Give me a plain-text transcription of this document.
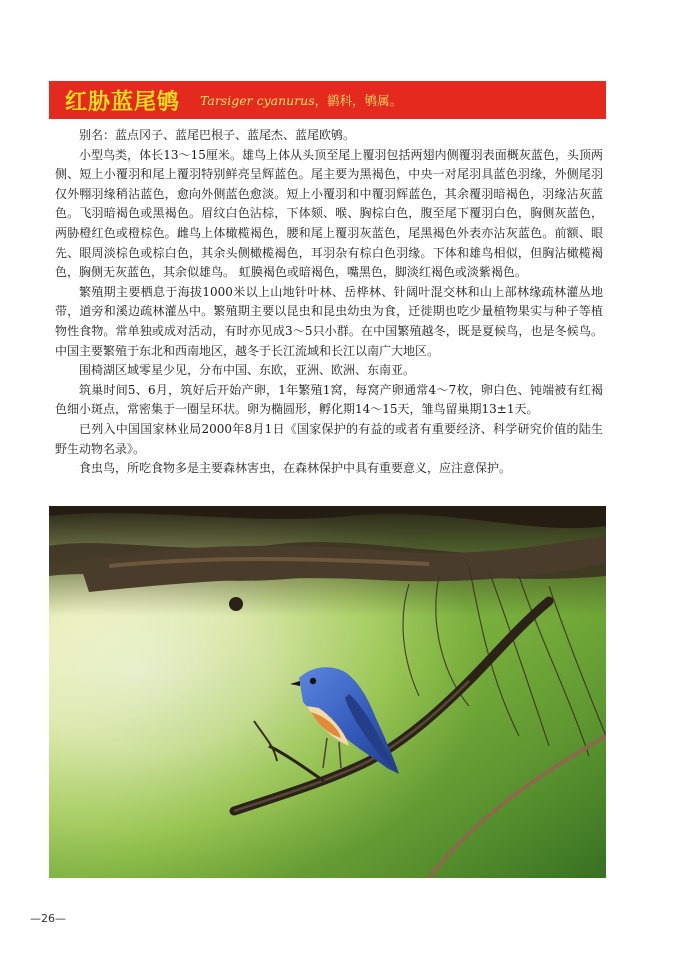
红胁蓝尾鸲 Tarsiger cyanurus，鹟科，鸲属。

别名：蓝点冈子、蓝尾巴根子、蓝尾杰、蓝尾欧鸲。

小型鸟类，体长13～15厘米。雄鸟上体从头顶至尾上覆羽包括两翅内侧覆羽表面概灰蓝色，头顶两侧、短上小覆羽和尾上覆羽特别鲜亮呈辉蓝色。尾主要为黑褐色，中央一对尾羽具蓝色羽缘，外侧尾羽仅外翈羽缘稍沾蓝色，愈向外侧蓝色愈淡。短上小覆羽和中覆羽辉蓝色，其余覆羽暗褐色，羽缘沾灰蓝色。飞羽暗褐色或黑褐色。眉纹白色沾棕，下体颏、喉、胸棕白色，腹至尾下覆羽白色，胸侧灰蓝色，两胁橙红色或橙棕色。雌鸟上体橄榄褐色，腰和尾上覆羽灰蓝色，尾黑褐色外表亦沾灰蓝色。前额、眼先、眼周淡棕色或棕白色，其余头侧橄榄褐色，耳羽杂有棕白色羽缘。下体和雄鸟相似，但胸沾橄榄褐色，胸侧无灰蓝色，其余似雄鸟。 虹膜褐色或暗褐色，嘴黑色，脚淡红褐色或淡紫褐色。

繁殖期主要栖息于海拔1000米以上山地针叶林、岳桦林、针阔叶混交林和山上部林缘疏林灌丛地带，道旁和溪边疏林灌丛中。繁殖期主要以昆虫和昆虫幼虫为食，迁徙期也吃少量植物果实与种子等植物性食物。常单独或成对活动，有时亦见成3～5只小群。在中国繁殖越冬，既是夏候鸟，也是冬候鸟。中国主要繁殖于东北和西南地区，越冬于长江流域和长江以南广大地区。

围椅湖区域零星少见，分布中国、东欧，亚洲、欧洲、东南亚。

筑巢时间5、6月，筑好后开始产卵，1年繁殖1窝，每窝产卵通常4～7枚，卵白色、钝端被有红褐色细小斑点，常密集于一圈呈环状。卵为椭圆形，孵化期14～15天，雏鸟留巢期13±1天。

已列入中国国家林业局2000年8月1日《国家保护的有益的或者有重要经济、科学研究价值的陆生野生动物名录》。

食虫鸟，所吃食物多是主要森林害虫，在森林保护中具有重要意义，应注意保护。

—26—
